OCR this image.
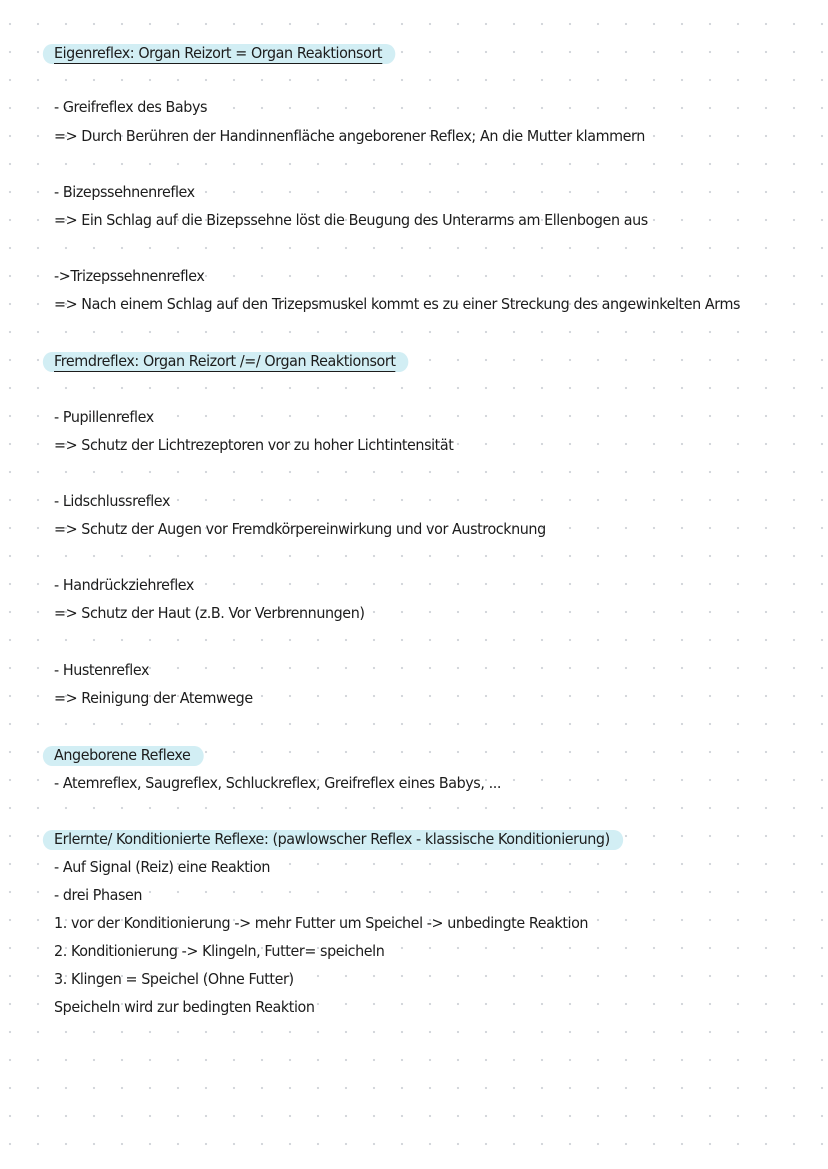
Eigenreflex: Organ Reizort = Organ Reaktionsort
- Greifreflex des Babys
=> Durch Berühren der Handinnenfläche angeborener Reflex; An die Mutter klammern
- Bizepssehnenreflex
=> Ein Schlag auf die Bizepssehne löst die Beugung des Unterarms am Ellenbogen aus
->Trizepssehnenreflex
=> Nach einem Schlag auf den Trizepsmuskel kommt es zu einer Streckung des angewinkelten Arms
Fremdreflex: Organ Reizort /=/ Organ Reaktionsort
- Pupillenreflex
=> Schutz der Lichtrezeptoren vor zu hoher Lichtintensität
- Lidschlussreflex
=> Schutz der Augen vor Fremdkörpereinwirkung und vor Austrocknung
- Handrückziehreflex
=> Schutz der Haut (z.B. Vor Verbrennungen)
- Hustenreflex
=> Reinigung der Atemwege
Angeborene Reflexe
- Atemreflex, Saugreflex, Schluckreflex, Greifreflex eines Babys, ...
Erlernte/ Konditionierte Reflexe: (pawlowscher Reflex - klassische Konditionierung)
- Auf Signal (Reiz) eine Reaktion
- drei Phasen
1. vor der Konditionierung -> mehr Futter um Speichel -> unbedingte Reaktion
2. Konditionierung -> Klingeln, Futter= speicheln
3. Klingen = Speichel (Ohne Futter)
Speicheln wird zur bedingten Reaktion
